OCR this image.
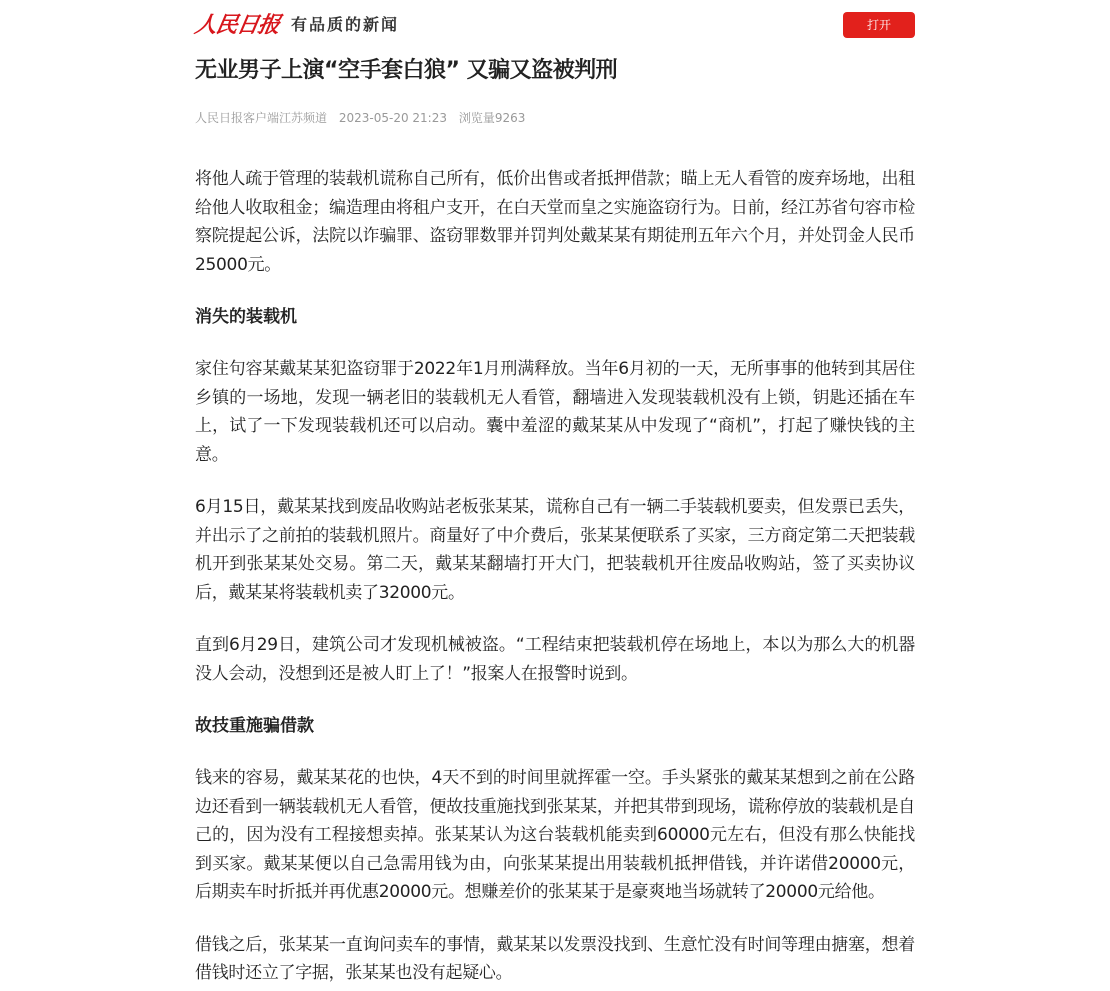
人民日报 有品质的新闻	打开
无业男子上演“空手套白狼” 又骗又盗被判刑
人民日报客户端江苏频道 2023-05-20 21:23 浏览量9263

将他人疏于管理的装载机谎称自己所有，低价出售或者抵押借款；瞄上无人看管的废弃场地，出租给他人收取租金；编造理由将租户支开，在白天堂而皇之实施盗窃行为。日前，经江苏省句容市检察院提起公诉，法院以诈骗罪、盗窃罪数罪并罚判处戴某某有期徒刑五年六个月，并处罚金人民币25000元。

消失的装载机

家住句容某戴某某犯盗窃罪于2022年1月刑满释放。当年6月初的一天，无所事事的他转到其居住乡镇的一场地，发现一辆老旧的装载机无人看管，翻墙进入发现装载机没有上锁，钥匙还插在车上，试了一下发现装载机还可以启动。囊中羞涩的戴某某从中发现了“商机”，打起了赚快钱的主意。

6月15日，戴某某找到废品收购站老板张某某，谎称自己有一辆二手装载机要卖，但发票已丢失，并出示了之前拍的装载机照片。商量好了中介费后，张某某便联系了买家，三方商定第二天把装载机开到张某某处交易。第二天，戴某某翻墙打开大门，把装载机开往废品收购站，签了买卖协议后，戴某某将装载机卖了32000元。

直到6月29日，建筑公司才发现机械被盗。“工程结束把装载机停在场地上，本以为那么大的机器没人会动，没想到还是被人盯上了！”报案人在报警时说到。

故技重施骗借款

钱来的容易，戴某某花的也快，4天不到的时间里就挥霍一空。手头紧张的戴某某想到之前在公路边还看到一辆装载机无人看管，便故技重施找到张某某，并把其带到现场，谎称停放的装载机是自己的，因为没有工程接想卖掉。张某某认为这台装载机能卖到60000元左右，但没有那么快能找到买家。戴某某便以自己急需用钱为由，向张某某提出用装载机抵押借钱，并许诺借20000元，后期卖车时折抵并再优惠20000元。想赚差价的张某某于是豪爽地当场就转了20000元给他。

借钱之后，张某某一直询问卖车的事情，戴某某以发票没找到、生意忙没有时间等理由搪塞，想着借钱时还立了字据，张某某也没有起疑心。
